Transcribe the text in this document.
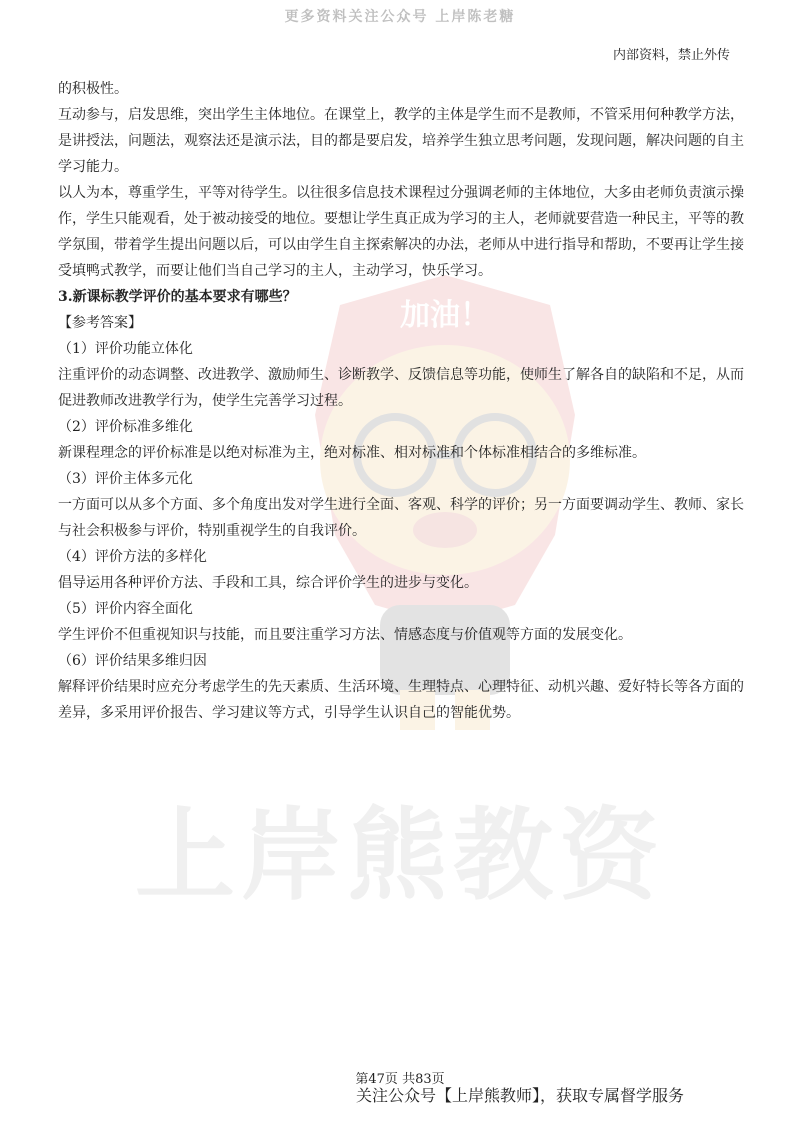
更多资料关注公众号 上岸陈老糖
内部资料，禁止外传
加油！
上岸熊教资

的积极性。

互动参与，启发思维，突出学生主体地位。在课堂上，教学的主体是学生而不是教师，不管采用何种教学方法，是讲授法，问题法，观察法还是演示法，目的都是要启发，培养学生独立思考问题，发现问题，解决问题的自主学习能力。

以人为本，尊重学生，平等对待学生。以往很多信息技术课程过分强调老师的主体地位，大多由老师负责演示操作，学生只能观看，处于被动接受的地位。要想让学生真正成为学习的主人，老师就要营造一种民主，平等的教学氛围，带着学生提出问题以后，可以由学生自主探索解决的办法，老师从中进行指导和帮助，不要再让学生接受填鸭式教学，而要让他们当自己学习的主人，主动学习，快乐学习。

3.新课标教学评价的基本要求有哪些？

【参考答案】

（1）评价功能立体化

注重评价的动态调整、改进教学、激励师生、诊断教学、反馈信息等功能，使师生了解各自的缺陷和不足，从而促进教师改进教学行为，使学生完善学习过程。

（2）评价标准多维化

新课程理念的评价标准是以绝对标准为主，绝对标准、相对标准和个体标准相结合的多维标准。

（3）评价主体多元化

一方面可以从多个方面、多个角度出发对学生进行全面、客观、科学的评价；另一方面要调动学生、教师、家长与社会积极参与评价，特别重视学生的自我评价。

（4）评价方法的多样化

倡导运用各种评价方法、手段和工具，综合评价学生的进步与变化。

（5）评价内容全面化

学生评价不但重视知识与技能，而且要注重学习方法、情感态度与价值观等方面的发展变化。

（6）评价结果多维归因

解释评价结果时应充分考虑学生的先天素质、生活环境、生理特点、心理特征、动机兴趣、爱好特长等各方面的差异，多采用评价报告、学习建议等方式，引导学生认识自己的智能优势。

第47页 共83页
关注公众号【上岸熊教师】，获取专属督学服务
